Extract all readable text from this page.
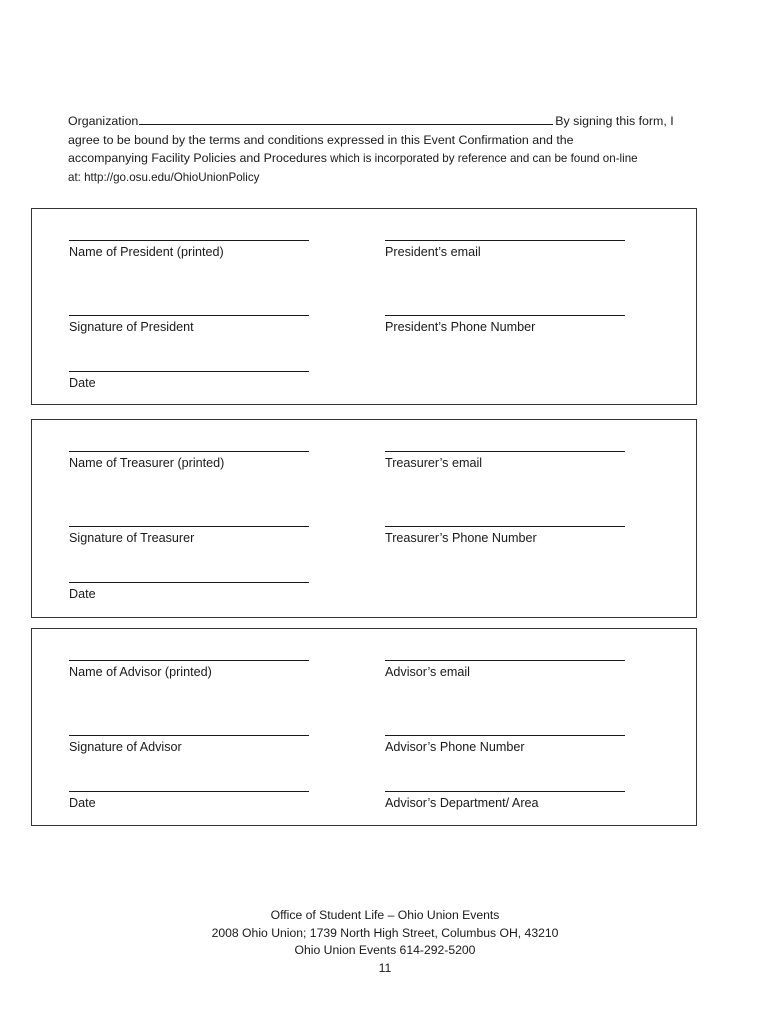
Organization	By signing this form, I
agree to be bound by the terms and conditions expressed in this Event Confirmation and the
accompanying Facility Policies and Procedures which is incorporated by reference and can be found on-line
at: http://go.osu.edu/OhioUnionPolicy
Name of President (printed)	President’s email
Signature of President	President’s Phone Number
Date
Name of Treasurer (printed)	Treasurer’s email
Signature of Treasurer	Treasurer’s Phone Number
Date
Name of Advisor (printed)	Advisor’s email
Signature of Advisor	Advisor’s Phone Number
Date	Advisor’s Department/ Area
Office of Student Life – Ohio Union Events
2008 Ohio Union; 1739 North High Street, Columbus OH, 43210
Ohio Union Events 614-292-5200
11
